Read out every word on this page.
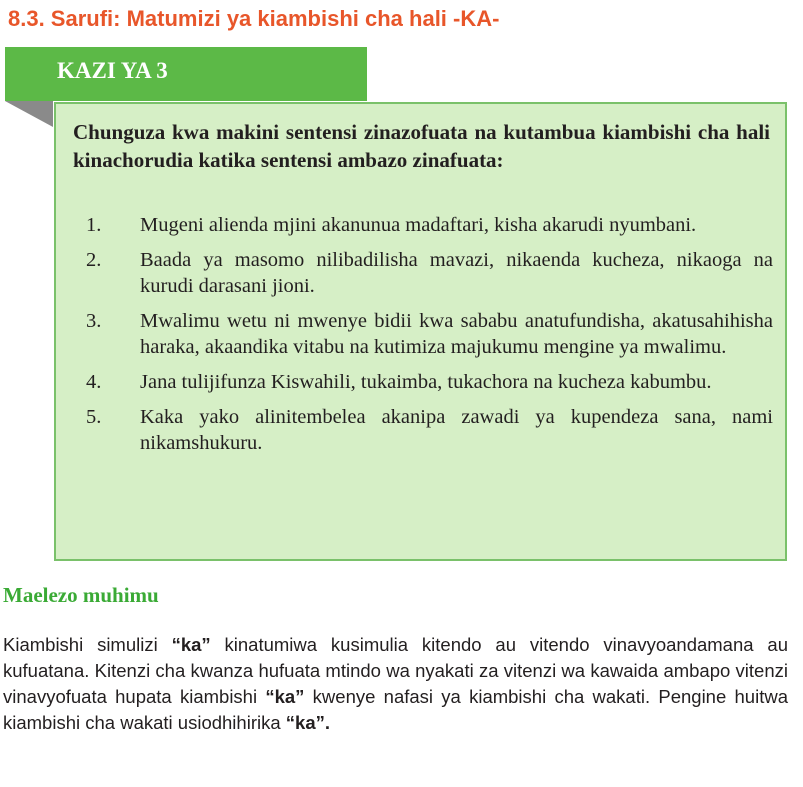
8.3. Sarufi: Matumizi ya kiambishi cha hali -KA-
KAZI YA 3

Chunguza kwa makini sentensi zinazofuata na kutambua kiambishi cha hali kinachorudia katika sentensi ambazo zinafuata:

1.	Mugeni aliendа mjini akanunua madaftari, kisha akarudi nyumbani.
2.	Baada ya masomo nilibadilisha mavazi, nikaenda kucheza, nikaoga na kurudi darasani jioni.
3.	Mwalimu wetu ni mwenye bidii kwa sababu anatufundisha, akatusahihisha haraka, akaandika vitabu na kutimiza majukumu mengine ya mwalimu.
4.	Jana tulijifunza Kiswahili, tukaimba, tukachora na kucheza kabumbu.
5.	Kaka yako alinitembelea akanipa zawadi ya kupendeza sana, nami nikamshukuru.
Maelezo muhimu

Kiambishi simulizi “ka” kinatumiwa kusimulia kitendo au vitendo vinavyoandamana au kufuatana. Kitenzi cha kwanza hufuata mtindo wa nyakati za vitenzi wa kawaida ambapo vitenzi vinavyofuata hupata kiambishi “ka” kwenye nafasi ya kiambishi cha wakati. Pengine huitwa kiambishi cha wakati usiodhihirika “ka”.
